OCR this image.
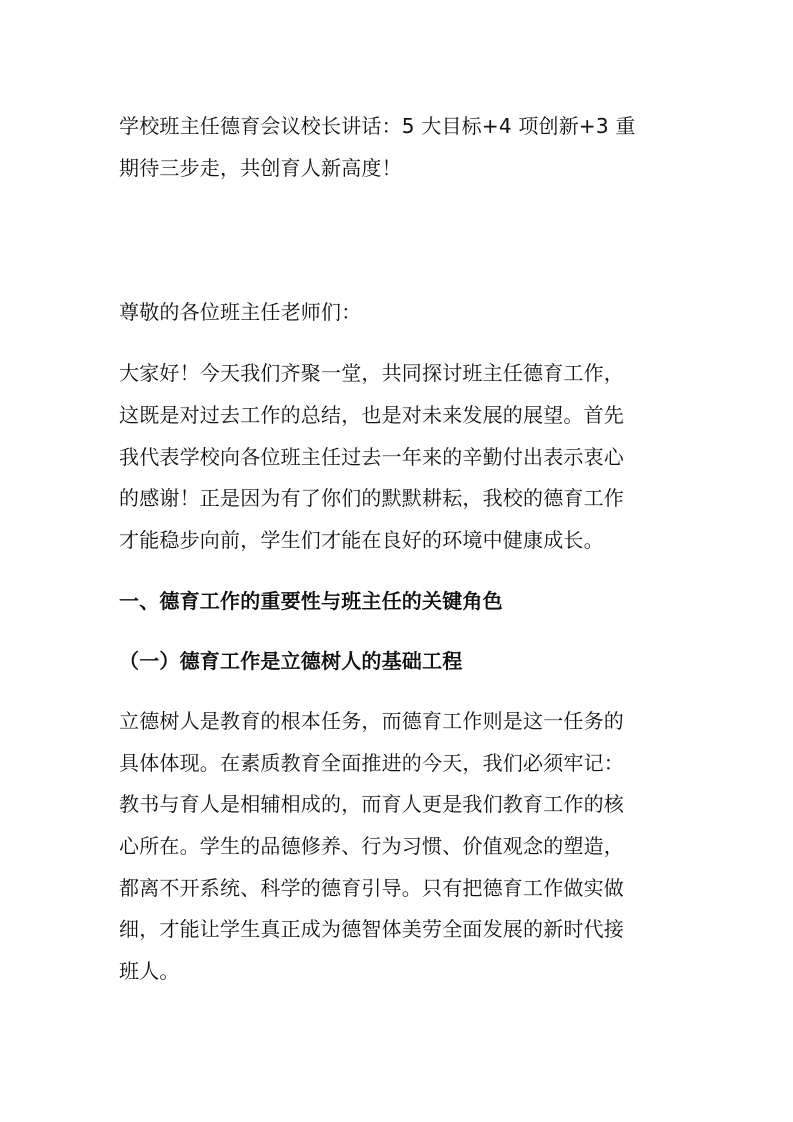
学校班主任德育会议校长讲话：5 大目标+4 项创新+3 重
期待三步走，共创育人新高度！
尊敬的各位班主任老师们：
大家好！今天我们齐聚一堂，共同探讨班主任德育工作，
这既是对过去工作的总结，也是对未来发展的展望。首先
我代表学校向各位班主任过去一年来的辛勤付出表示衷心
的感谢！正是因为有了你们的默默耕耘，我校的德育工作
才能稳步向前，学生们才能在良好的环境中健康成长。
一、德育工作的重要性与班主任的关键角色
（一）德育工作是立德树人的基础工程
立德树人是教育的根本任务，而德育工作则是这一任务的
具体体现。在素质教育全面推进的今天，我们必须牢记：
教书与育人是相辅相成的，而育人更是我们教育工作的核
心所在。学生的品德修养、行为习惯、价值观念的塑造，
都离不开系统、科学的德育引导。只有把德育工作做实做
细，才能让学生真正成为德智体美劳全面发展的新时代接
班人。
